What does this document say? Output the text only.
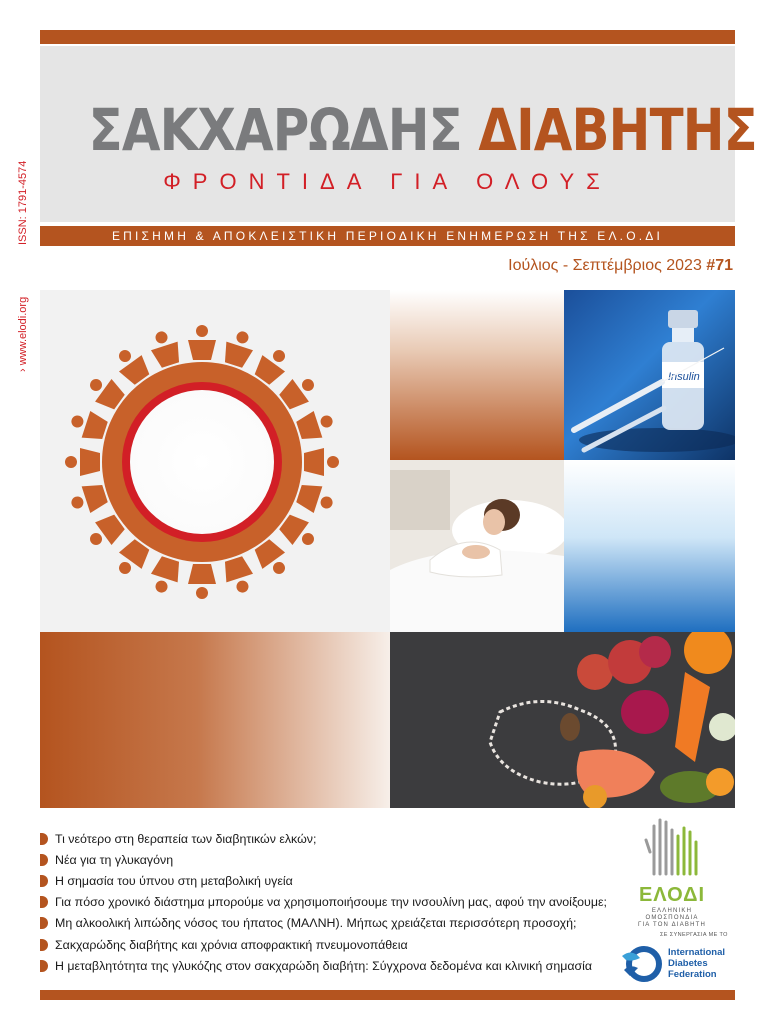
ΣΑΚΧΑΡΩΔΗΣ ΔΙΑΒΗΤΗΣ
ΦΡΟΝΤΙΔΑ ΓΙΑ ΟΛΟΥΣ
ΕΠΙΣΗΜΗ & ΑΠΟΚΛΕΙΣΤΙΚΗ ΠΕΡΙΟΔΙΚΗ ΕΝΗΜΕΡΩΣΗ ΤΗΣ ΕΛ.Ο.ΔΙ
ISSN: 1791-4574
› www.elodi.org
Ιούλιος - Σεπτέμβριος 2023 #71
Insulin
Τι νεότερο στη θεραπεία των διαβητικών ελκών;
Νέα για τη γλυκαγόνη
Η σημασία του ύπνου στη μεταβολική υγεία
Για πόσο χρονικό διάστημα μπορούμε να χρησιμοποιήσουμε την ινσουλίνη μας, αφού την ανοίξουμε;
Μη αλκοολική λιπώδης νόσος του ήπατος (ΜΑΛΝΗ). Μήπως χρειάζεται περισσότερη προσοχή;
Σακχαρώδης διαβήτης και χρόνια αποφρακτική πνευμονοπάθεια
Η μεταβλητότητα της γλυκόζης στον σακχαρώδη διαβήτη: Σύγχρονα δεδομένα και κλινική σημασία
ΕΛΟΔΙ
ΕΛΛΗΝΙΚΗ
ΟΜΟΣΠΟΝΔΙΑ
ΓΙΑ ΤΟΝ ΔΙΑΒΗΤΗ
ΣΕ ΣΥΝΕΡΓΑΣΙΑ ΜΕ ΤΟ
International
Diabetes
Federation
